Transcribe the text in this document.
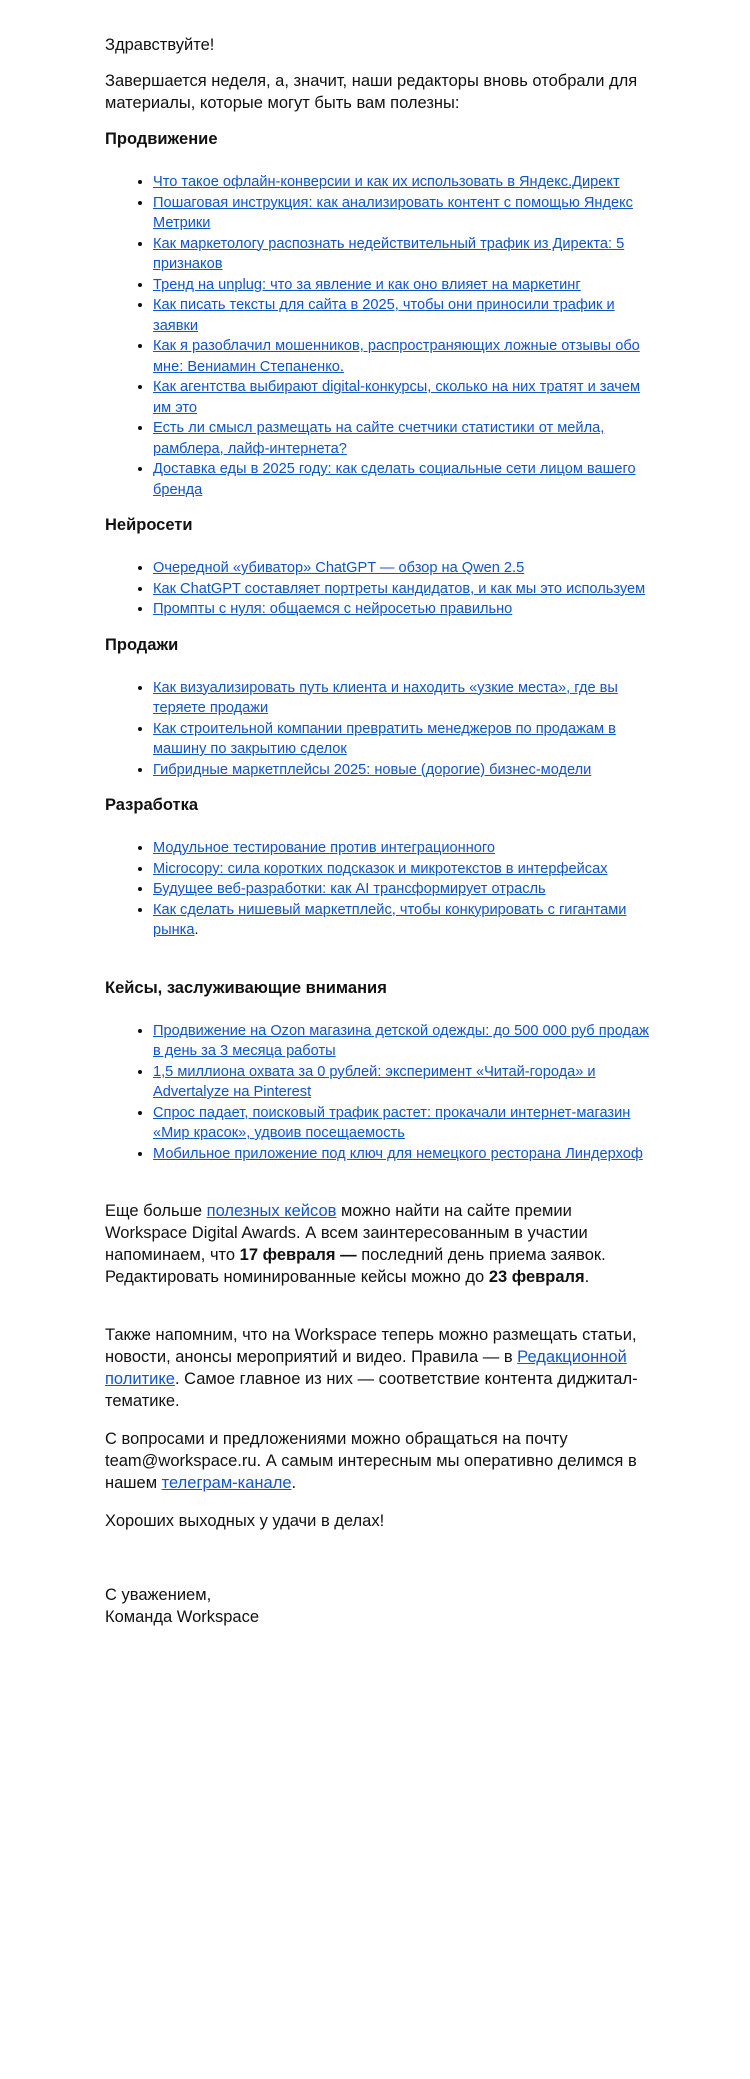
Здравствуйте!

Завершается неделя, а, значит, наши редакторы вновь отобрали для материалы, которые могут быть вам полезны:

Продвижение
• Что такое офлайн-конверсии и как их использовать в Яндекс.Директ
• Пошаговая инструкция: как анализировать контент с помощью Яндекс Метрики
• Как маркетологу распознать недействительный трафик из Директа: 5 признаков
• Тренд на unplug: что за явление и как оно влияет на маркетинг
• Как писать тексты для сайта в 2025, чтобы они приносили трафик и заявки
• Как я разоблачил мошенников, распространяющих ложные отзывы обо мне: Вениамин Степаненко.
• Как агентства выбирают digital-конкурсы, сколько на них тратят и зачем им это
• Есть ли смысл размещать на сайте счетчики статистики от мейла, рамблера, лайф-интернета?
• Доставка еды в 2025 году: как сделать социальные сети лицом вашего бренда
Нейросети
• Очередной «убиватор» ChatGPT — обзор на Qwen 2.5
• Как ChatGPT составляет портреты кандидатов, и как мы это используем
• Промпты с нуля: общаемся с нейросетью правильно
Продажи
• Как визуализировать путь клиента и находить «узкие места», где вы теряете продажи
• Как строительной компании превратить менеджеров по продажам в машину по закрытию сделок
• Гибридные маркетплейсы 2025: новые (дорогие) бизнес-модели
Разработка
• Модульное тестирование против интеграционного
• Microcopy: сила коротких подсказок и микротекстов в интерфейсах
• Будущее веб-разработки: как AI трансформирует отрасль
• Как сделать нишевый маркетплейс, чтобы конкурировать с гигантами рынка.
Кейсы, заслуживающие внимания
• Продвижение на Ozon магазина детской одежды: до 500 000 руб продаж в день за 3 месяца работы
• 1,5 миллиона охвата за 0 рублей: эксперимент «Читай-города» и Advertalyze на Pinterest
• Спрос падает, поисковый трафик растет: прокачали интернет-магазин «Мир красок», удвоив посещаемость
• Мобильное приложение под ключ для немецкого ресторана Линдерхоф

Еще больше полезных кейсов можно найти на сайте премии Workspace Digital Awards. А всем заинтересованным в участии напоминаем, что 17 февраля — последний день приема заявок. Редактировать номинированные кейсы можно до 23 февраля.

Также напомним, что на Workspace теперь можно размещать статьи, новости, анонсы мероприятий и видео. Правила — в Редакционной политике. Самое главное из них — соответствие контента диджитал-тематике.

С вопросами и предложениями можно обращаться на почту team@workspace.ru. А самым интересным мы оперативно делимся в нашем телеграм-канале.

Хороших выходных у удачи в делах!

С уважением,

Команда Workspace
